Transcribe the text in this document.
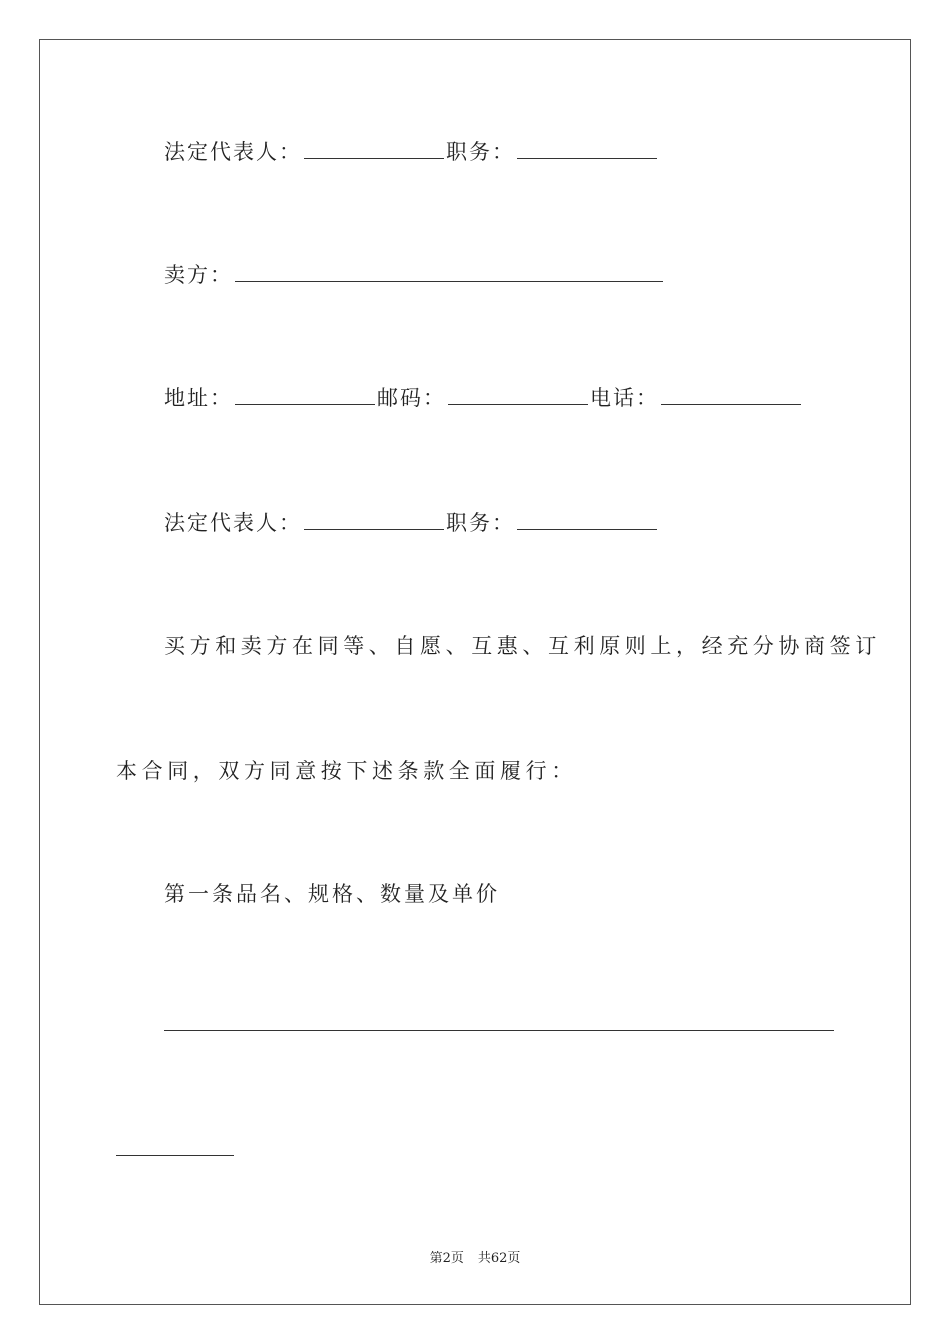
法定代表人：	职务：
卖方：
地址：	邮码：	电话：
法定代表人：	职务：
买方和卖方在同等、自愿、互惠、互利原则上，经充分协商签订
本合同，双方同意按下述条款全面履行：
第一条品名、规格、数量及单价
第2页 共62页
